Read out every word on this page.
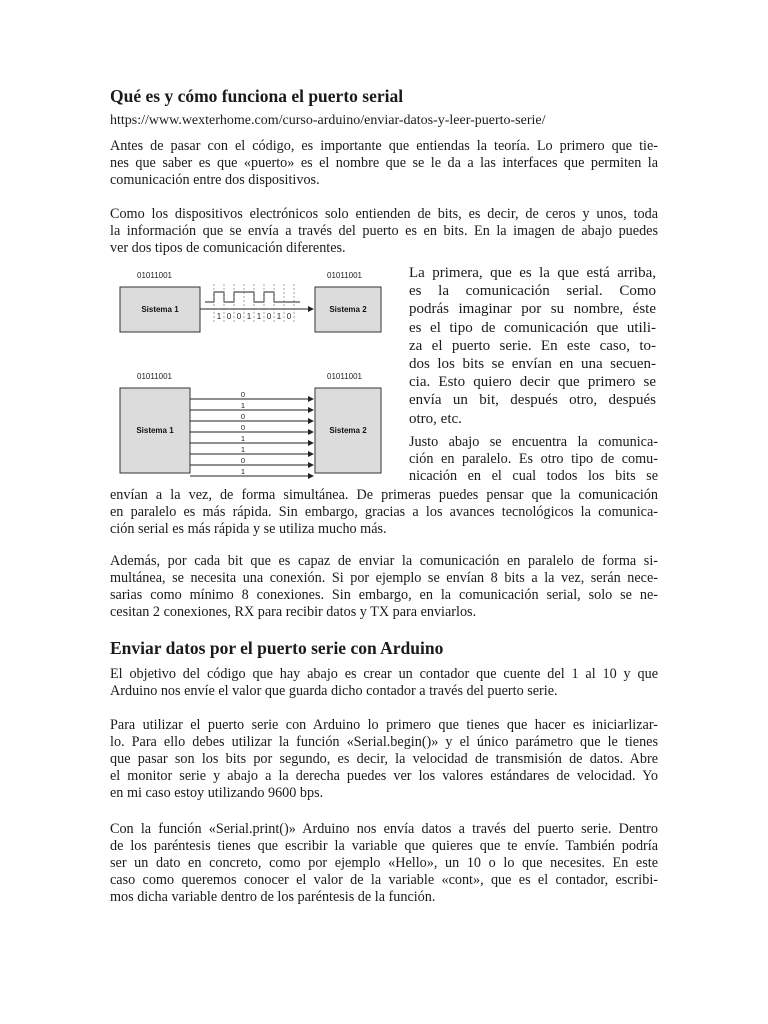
Qué es y cómo funciona el puerto serial
https://www.wexterhome.com/curso-arduino/enviar-datos-y-leer-puerto-serie/
Antes de pasar con el código, es importante que entiendas la teoría. Lo primero que tie-
nes que saber es que «puerto» es el nombre que se le da a las interfaces que permiten la
comunicación entre dos dispositivos.
Como los dispositivos electrónicos solo entienden de bits, es decir, de ceros y unos, toda
la información que se envía a través del puerto es en bits. En la imagen de abajo puedes
ver dos tipos de comunicación diferentes.
La primera, que es la que está arriba,
es la comunicación serial. Como
podrás imaginar por su nombre, éste
es el tipo de comunicación que utili-
za el puerto serie. En este caso, to-
dos los bits se envían en una secuen-
cia. Esto quiero decir que primero se
envía un bit, después otro, después
otro, etc.
Justo abajo se encuentra la comunica-
ción en paralelo. Es otro tipo de comu-
nicación en el cual todos los bits se
envían a la vez, de forma simultánea. De primeras puedes pensar que la comunicación
en paralelo es más rápida. Sin embargo, gracias a los avances tecnológicos la comunica-
ción serial es más rápida y se utiliza mucho más.
Además, por cada bit que es capaz de enviar la comunicación en paralelo de forma si-
multánea, se necesita una conexión. Si por ejemplo se envían 8 bits a la vez, serán nece-
sarias como mínimo 8 conexiones. Sin embargo, en la comunicación serial, solo se ne-
cesitan 2 conexiones, RX para recibir datos y TX para enviarlos.
Enviar datos por el puerto serie con Arduino
El objetivo del código que hay abajo es crear un contador que cuente del 1 al 10 y que
Arduino nos envíe el valor que guarda dicho contador a través del puerto serie.
Para utilizar el puerto serie con Arduino lo primero que tienes que hacer es iniciarlizar-
lo. Para ello debes utilizar la función «Serial.begin()» y el único parámetro que le tienes
que pasar son los bits por segundo, es decir, la velocidad de transmisión de datos. Abre
el monitor serie y abajo a la derecha puedes ver los valores estándares de velocidad. Yo
en mi caso estoy utilizando 9600 bps.
Con la función «Serial.print()» Arduino nos envía datos a través del puerto serie. Dentro
de los paréntesis tienes que escribir la variable que quieres que te envíe. También podría
ser un dato en concreto, como por ejemplo «Hello», un 10 o lo que necesites. En este
caso como queremos conocer el valor de la variable «cont», que es el contador, escribi-
mos dicha variable dentro de los paréntesis de la función.
01011001	01011001
Sistema 1	Sistema 2
1 0 0 1 1 0 1 0
01011001	01011001
Sistema 1	Sistema 2
0
1
0
0
1
1
0
1
